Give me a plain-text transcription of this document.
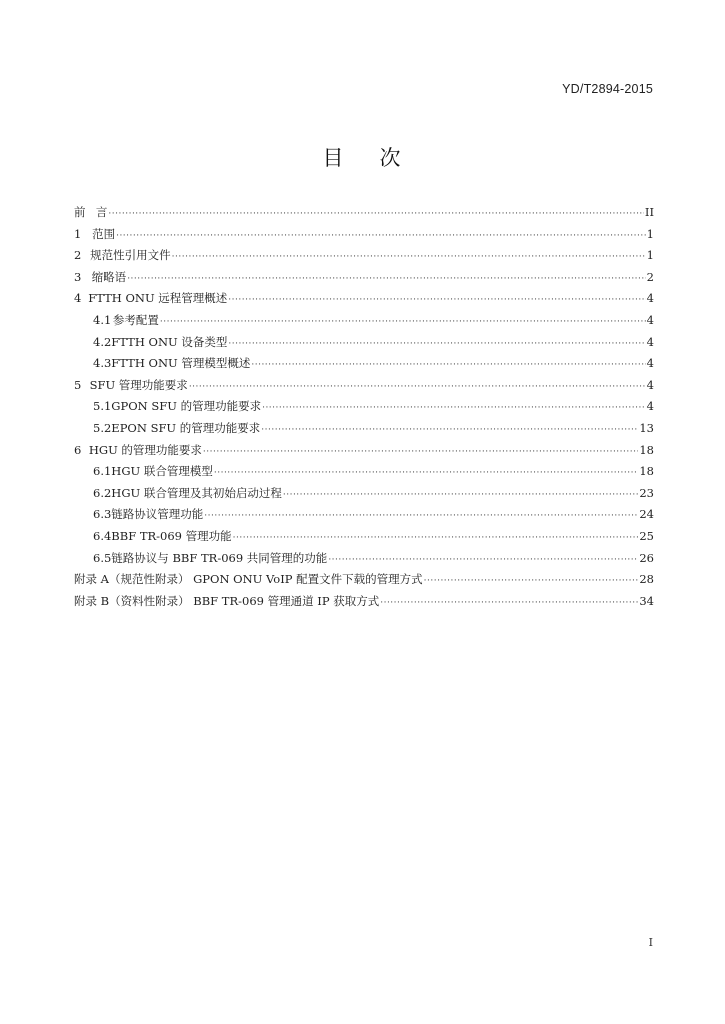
YD/T2894-2015
目 次
前 言 ·····	II
1 范围 ·····	1
2 规范性引用文件 ·····	1
3 缩略语 ·····	2
4 FTTH ONU 远程管理概述 ·····	4
4.1 参考配置 ·····	4
4.2 FTTH ONU 设备类型 ·····	4
4.3 FTTH ONU 管理模型概述 ·····	4
5 SFU 管理功能要求 ·····	4
5.1 GPON SFU 的管理功能要求 ·····	4
5.2 EPON SFU 的管理功能要求 ·····	13
6 HGU 的管理功能要求 ·····	18
6.1 HGU 联合管理模型 ·····	18
6.2 HGU 联合管理及其初始启动过程 ·····	23
6.3 链路协议管理功能 ·····	24
6.4 BBF TR-069 管理功能 ·····	25
6.5 链路协议与 BBF TR-069 共同管理的功能 ·····	26
附录 A（规范性附录） GPON ONU VoIP 配置文件下载的管理方式 ·····	28
附录 B（资料性附录） BBF TR-069 管理通道 IP 获取方式 ·····	34
I
